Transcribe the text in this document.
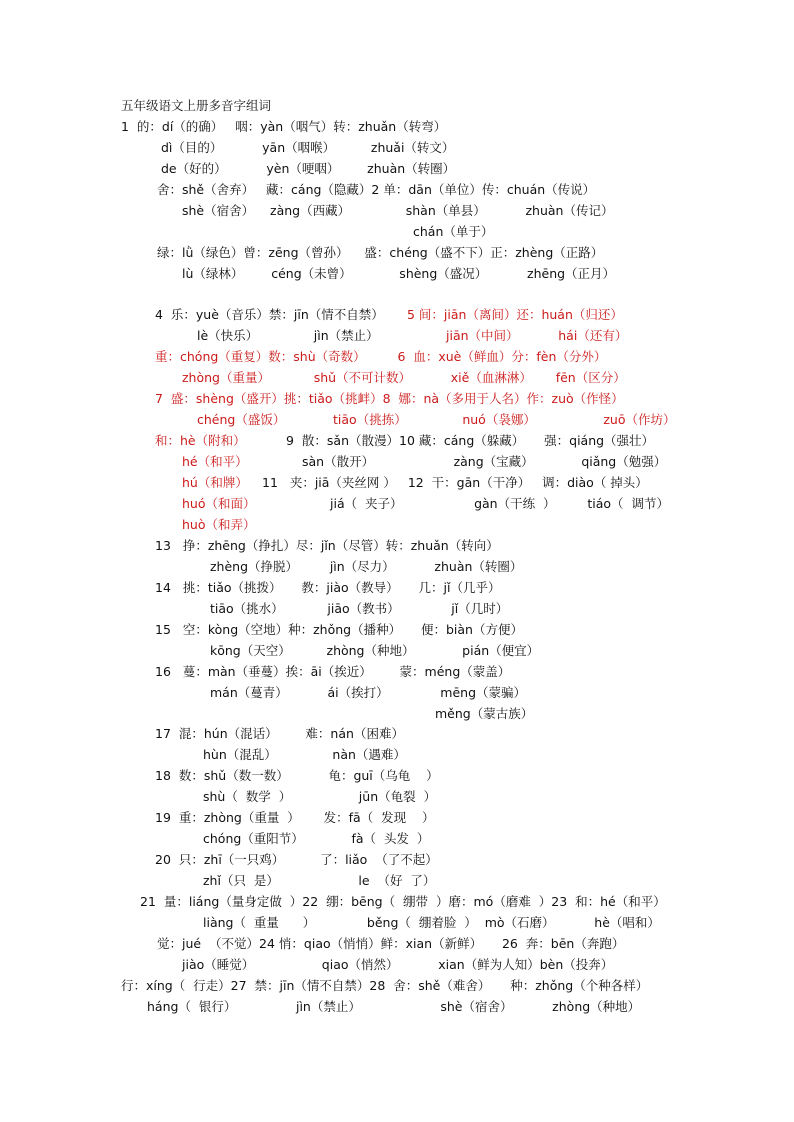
五年级语文上册多音字组词
1  的：dí（的确）   咽：yàn（咽气）转：zhuǎn（转弯）
dì（目的）          yān（咽喉）         zhuǎi（转文）
de（好的）          yèn（哽咽）       zhuàn（转圈）
舍：shě（舍弃）   藏：cáng（隐藏）2 单：dān（单位）传：chuán（传说）
shè（宿舍）    zàng（西藏）              shàn（单县）          zhuàn（传记）
chán（单于）
绿：lǜ（绿色）曾：zēng（曾孙）    盛：chéng（盛不下）正：zhèng（正路）
lù（绿林）       céng（未曾）            shèng（盛况）          zhēng（正月）
4  乐：yuè（音乐）禁：jīn（情不自禁） 5 间：jiān（离间）还：huán（归还）
lè（快乐）              jìn（禁止）	jiān（中间）          hái（还有）
重：chóng（重复）数：shù（奇数）        6  血：xuè（鲜血）分：fèn（分外）
zhòng（重量）           shǔ（不可计数）          xiě（血淋淋）      fēn（区分）
7  盛：shèng（盛开）挑：tiǎo（挑衅）8  娜：nà（多用于人名）作：zuò（作怪）
chéng（盛饭）            tiāo（挑拣）              nuó（袅娜）                 zuō（作坊）
和：hè（附和）	9  散：sǎn（散漫）10 藏：cáng（躲藏）     强：qiáng（强壮）
hé（和平）	sàn（散开）                    zàng（宝藏）            qiǎng（勉强）
hú（和牌） 11   夹：jiā（夹丝网 ）   12  干：gān（干净）   调：diào（ 掉头）
huó（和面）	jiá（  夹子）                  gàn（干练  ）        tiáo（  调节）
huò（和弄）
13   挣：zhēng（挣扎）尽：jǐn（尽管）转：zhuǎn（转向）
zhèng（挣脱）        jìn（尽力）          zhuàn（转圈）
14   挑：tiǎo（挑拨）     教：jiào（教导）     几：jǐ（几乎）
tiāo（挑水）           jiāo（教书）             jǐ（几时）
15   空：kòng（空地）种：zhǒng（播种）     便：biàn（方便）
kōng（天空）         zhòng（种地）            pián（便宜）
16   蔓：màn（垂蔓）挨：āi（挨近）       蒙：méng（蒙盖）
mán（蔓青）          ái（挨打）             mēng（蒙骗）
měng（蒙古族）
17  混：hún（混话）       难：nán（困难）
hùn（混乱）              nàn（遇难）
18  数：shǔ（数一数）          龟：guī（乌龟    ）
shù（  数学  ）                 jūn（龟裂  ）
19  重：zhòng（重量  ）      发：fā（  发现    ）
chóng（重阳节）            fà（  头发  ）
20  只：zhī（一只鸡）         了：liǎo  （了不起）
zhǐ（只  是）                    le  （好  了）
21  量：liáng（量身定做  ）22  绷：bēng（  绷带  ）磨：mó（磨难  ）23  和：hé（和平）
liàng（  重量      ）             běng（  绷着脸  ）  mò（石磨）          hè（唱和）
觉：jué  （不觉）24 悄：qiao（悄悄）鲜：xian（新鲜）     26  奔：bēn（奔跑）
jiào（睡觉）                 qiao（悄然）          xian（鲜为人知）bèn（投奔）
行：xíng（  行走）27  禁：jīn（情不自禁）28  舍：shě（难舍）     种：zhǒng（个种各样）
háng（  银行）               jìn（禁止）                    shè（宿舍）          zhòng（种地）
